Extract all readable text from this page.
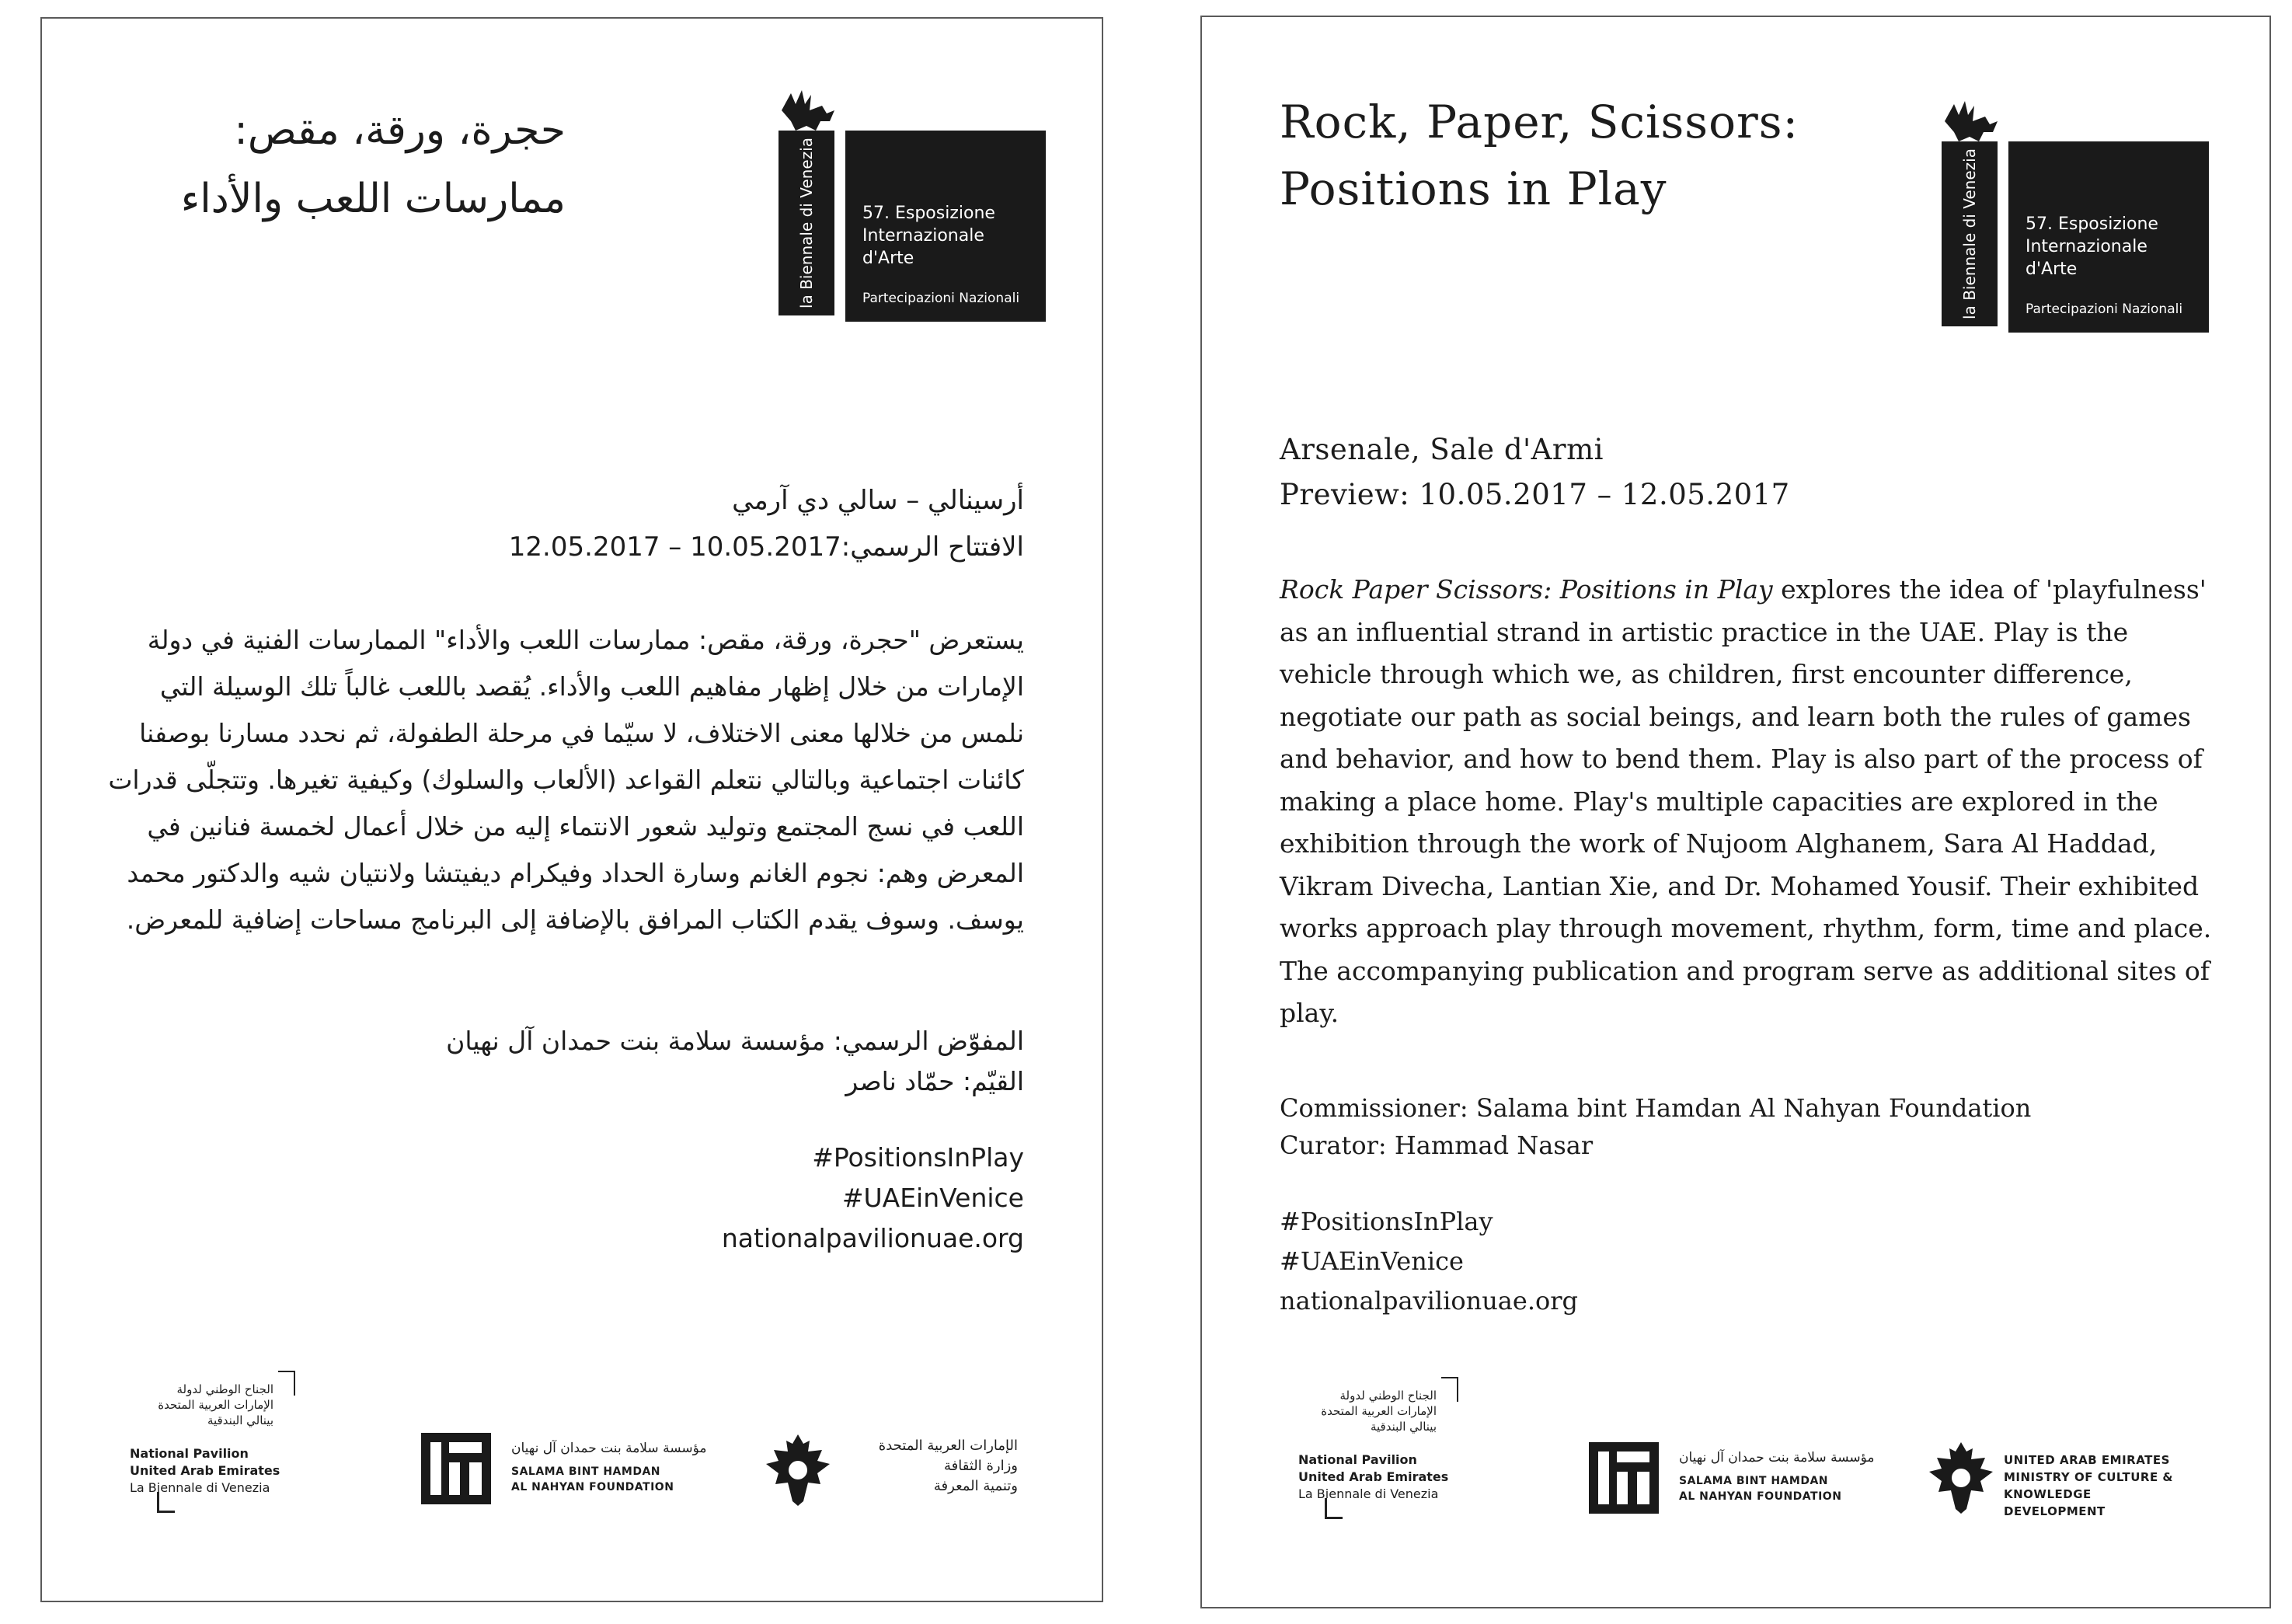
la Biennale di Venezia	57. Esposizione Internazionale d'Arte
Partecipazioni Nazionali
حجرة، ورقة، مقص:
ممارسات اللعب والأداء
أرسينالي – سالي دي آرمي
الافتتاح الرسمي:10.05.2017 – 12.05.2017

يستعرض "حجرة، ورقة، مقص: ممارسات اللعب والأداء" الممارسات الفنية في دولة الإمارات من خلال إظهار مفاهيم اللعب والأداء. يُقصد باللعب غالباً تلك الوسيلة التي نلمس من خلالها معنى الاختلاف، لا سيّما في مرحلة الطفولة، ثم نحدد مسارنا بوصفنا كائنات اجتماعية وبالتالي نتعلم القواعد (الألعاب والسلوك) وكيفية تغيرها. وتتجلّى قدرات اللعب في نسج المجتمع وتوليد شعور الانتماء إليه من خلال أعمال لخمسة فنانين في المعرض وهم: نجوم الغانم وسارة الحداد وفيكرام ديفيتشا ولانتيان شيه والدكتور محمد يوسف. وسوف يقدم الكتاب المرافق بالإضافة إلى البرنامج مساحات إضافية للمعرض.

المفوّض الرسمي: مؤسسة سلامة بنت حمدان آل نهيان
القيّم: حمّاد ناصر
#PositionsInPlay
#UAEinVenice
nationalpavilionuae.org
الجناح الوطني لدولة
الإمارات العربية المتحدة
بينالي البندقية
National Pavilion
United Arab Emirates
La Biennale di Venezia
مؤسسة سلامة بنت حمدان آل نهيان
SALAMA BINT HAMDAN
AL NAHYAN FOUNDATION
الإمارات العربية المتحدة
وزارة الثقافة
وتنمية المعرفة
la Biennale di Venezia	57. Esposizione Internazionale d'Arte
Partecipazioni Nazionali
Rock, Paper, Scissors:
Positions in Play
Arsenale, Sale d'Armi
Preview: 10.05.2017 – 12.05.2017

Rock Paper Scissors: Positions in Play explores the idea of 'playfulness' as an influential strand in artistic practice in the UAE. Play is the vehicle through which we, as children, first encounter difference, negotiate our path as social beings, and learn both the rules of games and behavior, and how to bend them. Play is also part of the process of making a place home. Play's multiple capacities are explored in the exhibition through the work of Nujoom Alghanem, Sara Al Haddad, Vikram Divecha, Lantian Xie, and Dr. Mohamed Yousif. Their exhibited works approach play through movement, rhythm, form, time and place. The accompanying publication and program serve as additional sites of play.

Commissioner: Salama bint Hamdan Al Nahyan Foundation
Curator: Hammad Nasar
#PositionsInPlay
#UAEinVenice
nationalpavilionuae.org
الجناح الوطني لدولة
الإمارات العربية المتحدة
بينالي البندقية
National Pavilion
United Arab Emirates
La Biennale di Venezia
مؤسسة سلامة بنت حمدان آل نهيان
SALAMA BINT HAMDAN
AL NAHYAN FOUNDATION
UNITED ARAB EMIRATES
MINISTRY OF CULTURE &
KNOWLEDGE DEVELOPMENT
